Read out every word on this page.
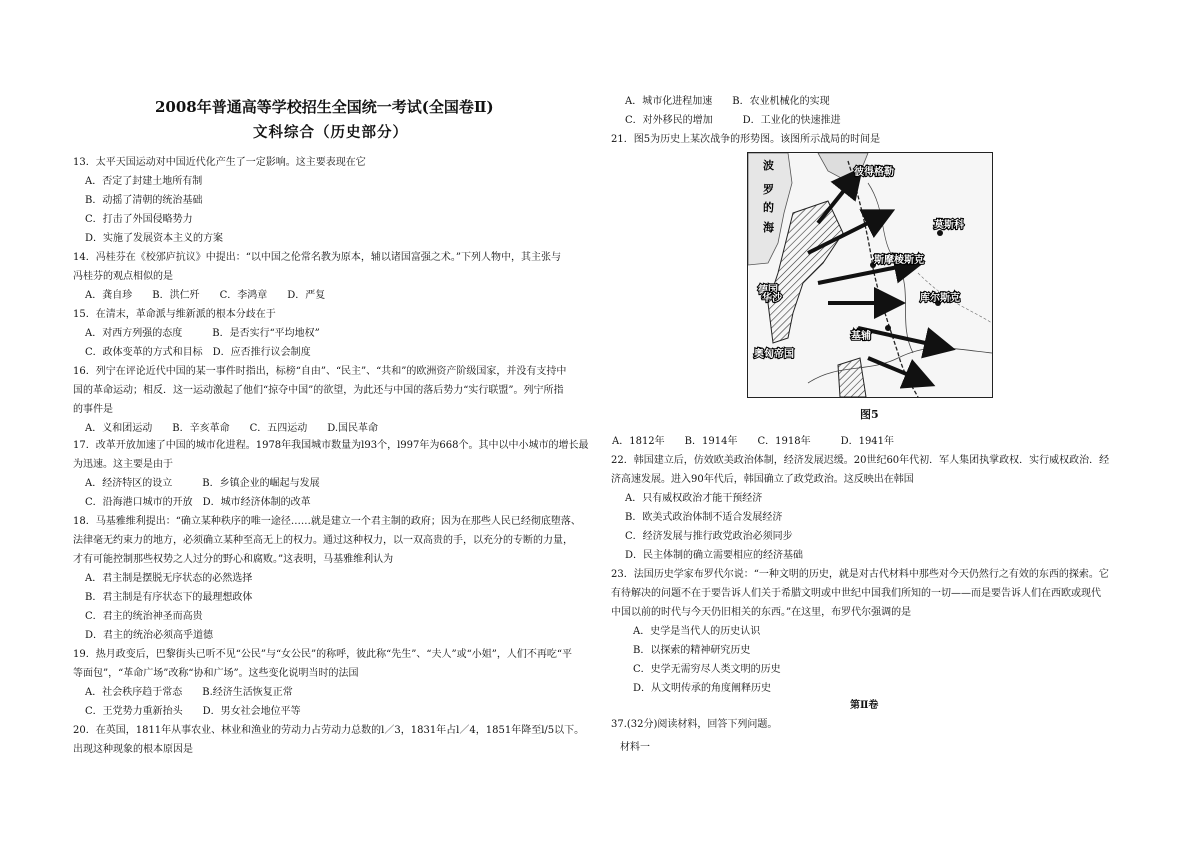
2008年普通高等学校招生全国统一考试(全国卷Ⅱ)
文科综合（历史部分）
13．太平天国运动对中国近代化产生了一定影响。这主要表现在它
A．否定了封建土地所有制
B．动摇了清朝的统治基础
C．打击了外国侵略势力
D．实施了发展资本主义的方案
14．冯桂芬在《校邠庐抗议》中提出：“以中国之伦常名教为原本，辅以诸国富强之术。”下列人物中，其主张与
冯桂芬的观点相似的是
A．龚自珍　　B．洪仁歼　　C．李鸿章　　D．严复
15．在清末，革命派与维新派的根本分歧在于
A．对西方列强的态度　　　B．是否实行“平均地权”
C．政体变革的方式和目标　D．应否推行议会制度
16．列宁在评论近代中国的某一事件时指出，标榜“自由”、“民主”、“共和”的欧洲资产阶级国家，并没有支持中
国的革命运动；相反．这一运动激起了他们“掠夺中国”的欲望，为此还与中国的落后势力“实行联盟”。列宁所指
的事件是
A．义和团运动　　B．辛亥革命　　C．五四运动　　D.国民革命
17．改革开放加速了中国的城市化进程。1978年我国城市数量为l93个，l997年为668个。其中以中小城市的增长最
为迅速。这主要是由于
A．经济特区的设立　　　B．乡镇企业的崛起与发展
C．沿海港口城市的开放　D．城市经济体制的改革
18．马基雅维利提出：“确立某种秩序的唯一途径……就是建立一个君主制的政府；因为在那些人民已经彻底堕落、
法律毫无约束力的地方，必须确立某种至高无上的权力。通过这种权力，以一双高贵的手，以充分的专断的力量，
才有可能控制那些权势之人过分的野心和腐败。”这表明，马基雅维利认为
A．君主制是摆脱无序状态的必然选择
B．君主制是有序状态下的最理想政体
C．君主的统治神圣而高贵
D．君主的统治必须高乎道德
19．热月政变后，巴黎街头已听不见“公民”与“女公民”的称呼，彼此称“先生”、“夫人”或“小姐”，人们不再吃“平
等面包”，“革命广场”改称“协和广场”。这些变化说明当时的法国
A．社会秩序趋于常态　　B.经济生活恢复正常
C．王党势力重新抬头　　D．男女社会地位平等
20．在英国，1811年从事农业、林业和渔业的劳动力占劳动力总数的l／3，1831年占l／4，1851年降至l/5以下。
出现这种现象的根本原因是
A．城市化进程加速　　B．农业机械化的实现
C．对外移民的增加　　　D．工业化的快速推进
21．图5为历史上某次战争的形势图。该图所示战局的时间是
A．1812年　　B．1914年　　C．1918年　　　D．1941年
22．韩国建立后，仿效欧美政治体制，经济发展迟缓。20世纪60年代初．军人集团执掌政权．实行威权政治．经
济高速发展。进入90年代后，韩国确立了政党政治。这反映出在韩国
A．只有威权政治才能干预经济
B．欧美式政治体制不适合发展经济
C．经济发展与推行政党政治必须同步
D．民主体制的确立需要相应的经济基础
23．法国历史学家布罗代尔说：“一种文明的历史，就是对古代材料中那些对今天仍然行之有效的东西的探索。它
有待解决的问题不在于要告诉人们关于希腊文明或中世纪中国我们所知的一切——而是要告诉人们在西欧或现代
中国以前的时代与今天仍旧相关的东西。”在这里，布罗代尔强调的是
A．史学是当代人的历史认识
B．以探索的精神研究历史
C．史学无需穷尽人类文明的历史
D．从文明传承的角度阐释历史
37.(32分)阅读材料，回答下列问题。
材料一
第Ⅱ卷
波
罗
的
海
彼得格勒
莫斯科
斯摩棱斯克
库尔斯克
基辅
德国
华沙
奥匈帝国
图5
